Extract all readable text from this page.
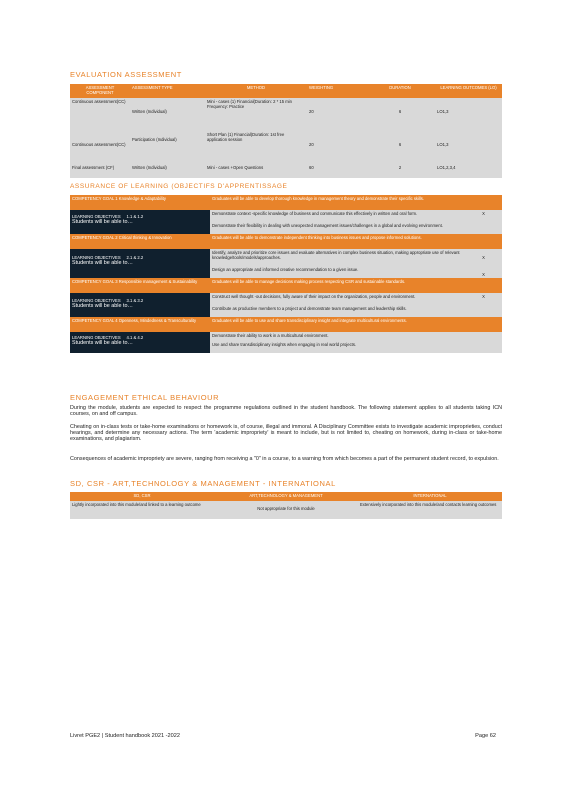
EVALUATION ASSESSMENT
ASSESSMENT COMPONENT	ASSESSMENT TYPE	METHOD	WEIGHTING	DURATION	LEARNING OUTCOMES (LO)
Continuous assessment(CC)	Written (Individual)	Mini - cases (1) Financial(Duration: 2 * 15 min Frequency: Practice	20	6	LO1,3
Continuous assessment(CC)	Participation (Individual)	Short Plan (1) Financial(Duration: 1st free application session	20	6	LO1,3
Final assessment (CF)	Written (Individual)	Mini - cases +Open Questions	60	2	LO1,2,3,4
ASSURANCE OF LEARNING (OBJECTIFS D'APPRENTISSAGE
COMPETENCY GOAL 1 Knowledge & Adaptability	Graduates will be able to develop thorough knowledge in management theory and demonstrate their specific skills.	
LEARNING OBJECTIVES 1.1 & 1.2
Students will be able to…	Demonstrate context -specific knowledge of business and communicate this effectively in written and oral form.	X
	Demonstrate their flexibility in dealing with unexpected management issues/challenges in a global and evolving environment.	
COMPETENCY GOAL 2 Critical thinking & Innovation	Graduates will be able to demonstrate independent thinking into business issues and propose informed solutions.	
LEARNING OBJECTIVES 2.1 & 2.2
Students will be able to…	Identify, analyze and prioritize core issues and evaluate alternatives in complex business situation, making appropriate use of relevant knowledge/tools/models/approaches.	X
	Design an appropriate and informed creative recommendation to a given issue.	X
COMPETENCY GOAL 3 Responsible management & Sustainability	Graduates will be able to manage decisions making process respecting CSR and sustainable standards.	
LEARNING OBJECTIVES 3.1 & 3.2
Students will be able to…	Construct well thought -out decisions, fully aware of their impact on the organization, people and environment.	X
	Contribute as productive members to a project and demonstrate team management and leadership skills.	
COMPETENCY GOAL 4 Openness, Mindedness & Transculturality	Graduates will be able to use and share transdisciplinary insight and integrate multicultural environments.	
LEARNING OBJECTIVES 4.1 & 4.2
Students will be able to…	Demonstrate their ability to work in a multicultural environment.	
	Use and share transdisciplinary insights when engaging in real world projects.	
ENGAGEMENT ETHICAL BEHAVIOUR
During the module, students are expected to respect the programme regulations outlined in the student handbook. The following statement applies to all students taking ICN courses, on and off campus.
Cheating on in-class tests or take-home examinations or homework is, of course, illegal and immoral. A Disciplinary Committee exists to investigate academic improprieties, conduct hearings, and determine any necessary actions. The term 'academic impropriety' is meant to include, but is not limited to, cheating on homework, during in-class or take-home examinations, and plagiarism.
Consequences of academic impropriety are severe, ranging from receiving a "0" in a course, to a warning from which becomes a part of the permanent student record, to expulsion.
SD, CSR - ART,TECHNOLOGY & MANAGEMENT - INTERNATIONAL
SD, CSR	ART,TECHNOLOGY & MANAGEMENT	INTERNATIONAL
Lightly incorporated into this module/and linked to a learning outcome	Not appropriate for this module	Extensively incorporated into this module/and contacts learning outcomes
Livret PGE2 | Student handbook 2021 -2022	Page 62
